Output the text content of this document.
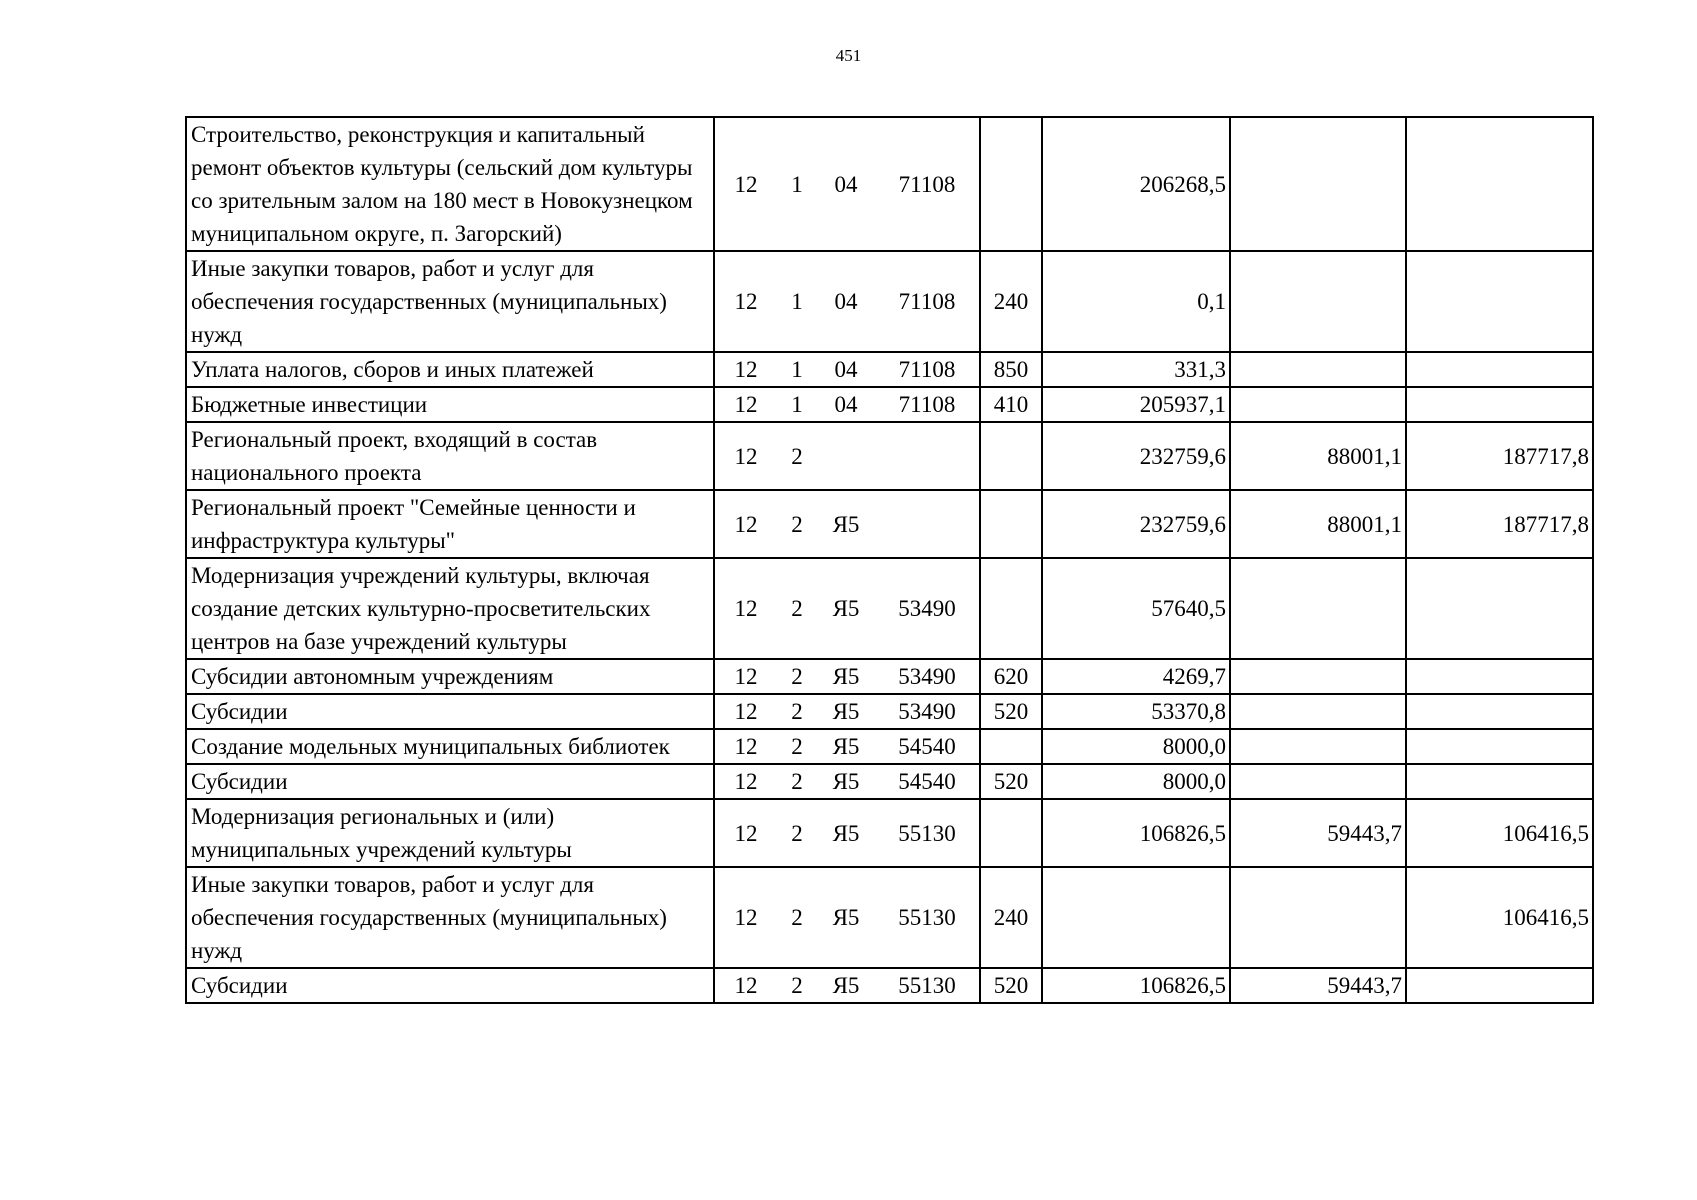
451
Строительство, реконструкция и капитальный ремонт объектов культуры (сельский дом культуры со зрительным залом на 180 мест в Новокузнецком муниципальном округе, п. Загорский)	12 1 04 71108		206268,5		
Иные закупки товаров, работ и услуг для обеспечения государственных (муниципальных) нужд	12 1 04 71108	240	0,1		
Уплата налогов, сборов и иных платежей	12 1 04 71108	850	331,3		
Бюджетные инвестиции	12 1 04 71108	410	205937,1		
Региональный проект, входящий в состав национального проекта	12 2		232759,6	88001,1	187717,8
Региональный проект "Семейные ценности и инфраструктура культуры"	12 2 Я5		232759,6	88001,1	187717,8
Модернизация учреждений культуры, включая создание детских культурно-просветительских центров на базе учреждений культуры	12 2 Я5 53490		57640,5		
Субсидии автономным учреждениям	12 2 Я5 53490	620	4269,7		
Субсидии	12 2 Я5 53490	520	53370,8		
Создание модельных муниципальных библиотек	12 2 Я5 54540		8000,0		
Субсидии	12 2 Я5 54540	520	8000,0		
Модернизация региональных и (или) муниципальных учреждений культуры	12 2 Я5 55130		106826,5	59443,7	106416,5
Иные закупки товаров, работ и услуг для обеспечения государственных (муниципальных) нужд	12 2 Я5 55130	240			106416,5
Субсидии	12 2 Я5 55130	520	106826,5	59443,7	
